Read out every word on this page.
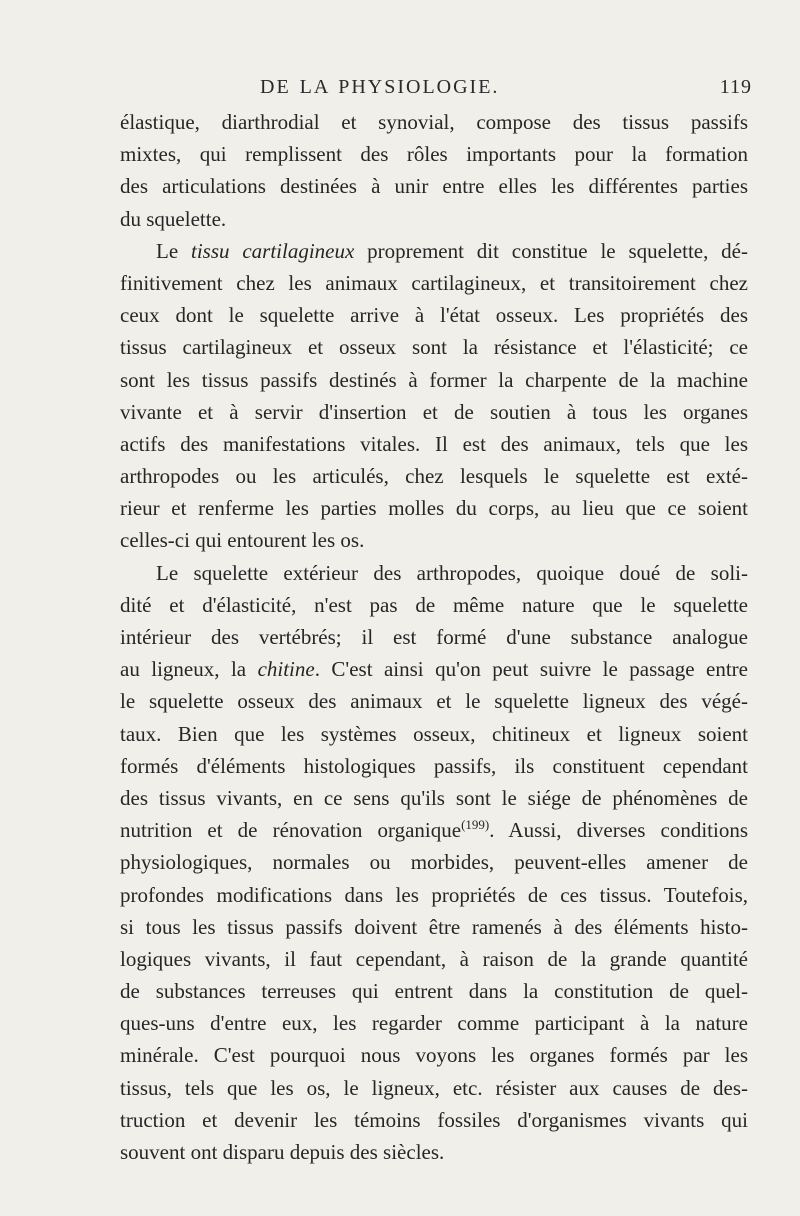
DE LA PHYSIOLOGIE.	119
élastique, diarthrodial et synovial, compose des tissus passifs
mixtes, qui remplissent des rôles importants pour la formation
des articulations destinées à unir entre elles les différentes parties
du squelette.
Le tissu cartilagineux proprement dit constitue le squelette, dé-
finitivement chez les animaux cartilagineux, et transitoirement chez
ceux dont le squelette arrive à l'état osseux. Les propriétés des
tissus cartilagineux et osseux sont la résistance et l'élasticité; ce
sont les tissus passifs destinés à former la charpente de la machine
vivante et à servir d'insertion et de soutien à tous les organes
actifs des manifestations vitales. Il est des animaux, tels que les
arthropodes ou les articulés, chez lesquels le squelette est exté-
rieur et renferme les parties molles du corps, au lieu que ce soient
celles-ci qui entourent les os.
Le squelette extérieur des arthropodes, quoique doué de soli-
dité et d'élasticité, n'est pas de même nature que le squelette
intérieur des vertébrés; il est formé d'une substance analogue
au ligneux, la chitine. C'est ainsi qu'on peut suivre le passage entre
le squelette osseux des animaux et le squelette ligneux des végé-
taux. Bien que les systèmes osseux, chitineux et ligneux soient
formés d'éléments histologiques passifs, ils constituent cependant
des tissus vivants, en ce sens qu'ils sont le siége de phénomènes de
nutrition et de rénovation organique$^{(199)}$. Aussi, diverses conditions
physiologiques, normales ou morbides, peuvent-elles amener de
profondes modifications dans les propriétés de ces tissus. Toutefois,
si tous les tissus passifs doivent être ramenés à des éléments histo-
logiques vivants, il faut cependant, à raison de la grande quantité
de substances terreuses qui entrent dans la constitution de quel-
ques-uns d'entre eux, les regarder comme participant à la nature
minérale. C'est pourquoi nous voyons les organes formés par les
tissus, tels que les os, le ligneux, etc. résister aux causes de des-
truction et devenir les témoins fossiles d'organismes vivants qui
souvent ont disparu depuis des siècles.
